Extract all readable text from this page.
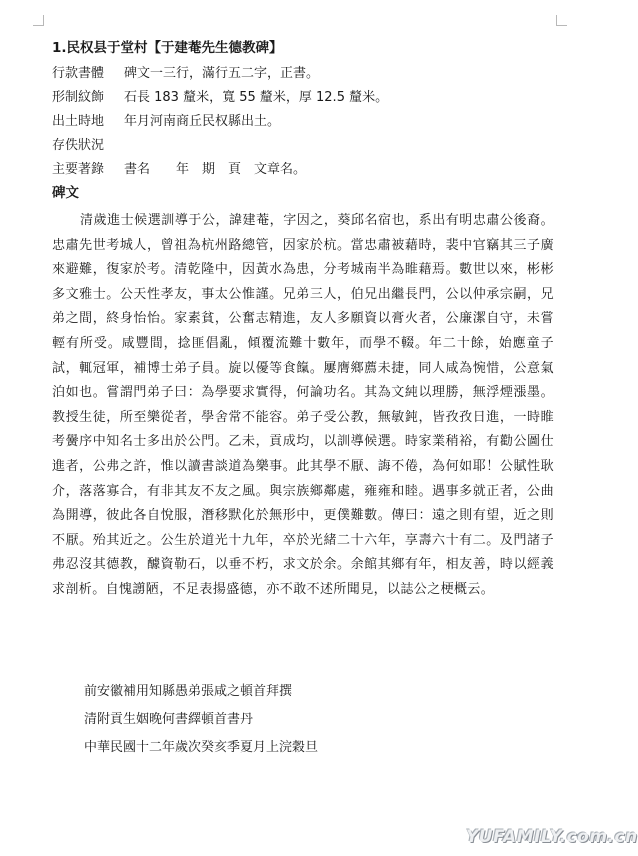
1.民权县于堂村【于建菴先生德教碑】
行款書體 碑文一三行，滿行五二字，正書。
形制紋飾 石長 183 釐米，寬 55 釐米，厚 12.5 釐米。
出土時地 年月河南商丘民权縣出土。
存佚狀況
主要著錄 書名　　年　期　頁　文章名。
碑文

清歲進士候選訓導于公，諱建菴，字因之，葵邱名宿也，系出有明忠肅公後裔。忠肅先世考城人，曾祖為杭州路總管，因家於杭。當忠肅被藉時，裴中官竊其三子廣來避難，復家於考。清乾隆中，因黃水為患，分考城南半為睢藉焉。數世以來，彬彬多文雅士。公天性孝友，事太公惟謹。兄弟三人，伯兄出繼長門，公以仲承宗嗣，兄弟之間，終身怡怡。家素貧，公奮志精進，友人多願資以膏火者，公廉潔自守，未嘗輕有所受。咸豐間，捻匪倡亂，傾覆流難十數年，而學不輟。年二十餘，始應童子試，輒冠軍，補博士弟子員。旋以優等食餼。屢膺鄉薦未捷，同人咸為惋惜，公意氣泊如也。嘗謂門弟子曰：為學要求實得，何論功名。其為文純以理勝，無浮煙漲墨。教授生徒，所至樂從者，學舍常不能容。弟子受公教，無敏鈍，皆孜孜日進，一時睢考黌序中知名士多出於公門。乙未，貢成均，以訓導候選。時家業稍裕，有勸公圖仕進者，公弗之許，惟以讀書談道為樂事。此其學不厭、誨不倦，為何如耶！公賦性耿介，落落寡合，有非其友不友之風。與宗族鄉鄰處，雍雍和睦。遇事多就正者，公曲為開導，彼此各自悅服，潛移默化於無形中，更僕難數。傳曰：遠之則有望，近之則不厭。殆其近之。公生於道光十九年，卒於光緒二十六年，享壽六十有二。及門諸子弗忍沒其德教，醵資勒石，以垂不朽，求文於余。余館其鄉有年，相友善，時以經義求剖析。自愧謭陋，不足表揚盛德，亦不敢不述所聞見，以誌公之梗概云。

前安徽補用知縣愚弟張咸之頓首拜撰
清附貢生姻晚何書繹頓首書丹
中華民國十二年歲次癸亥季夏月上浣穀旦
YUFAMILY.com.cn
